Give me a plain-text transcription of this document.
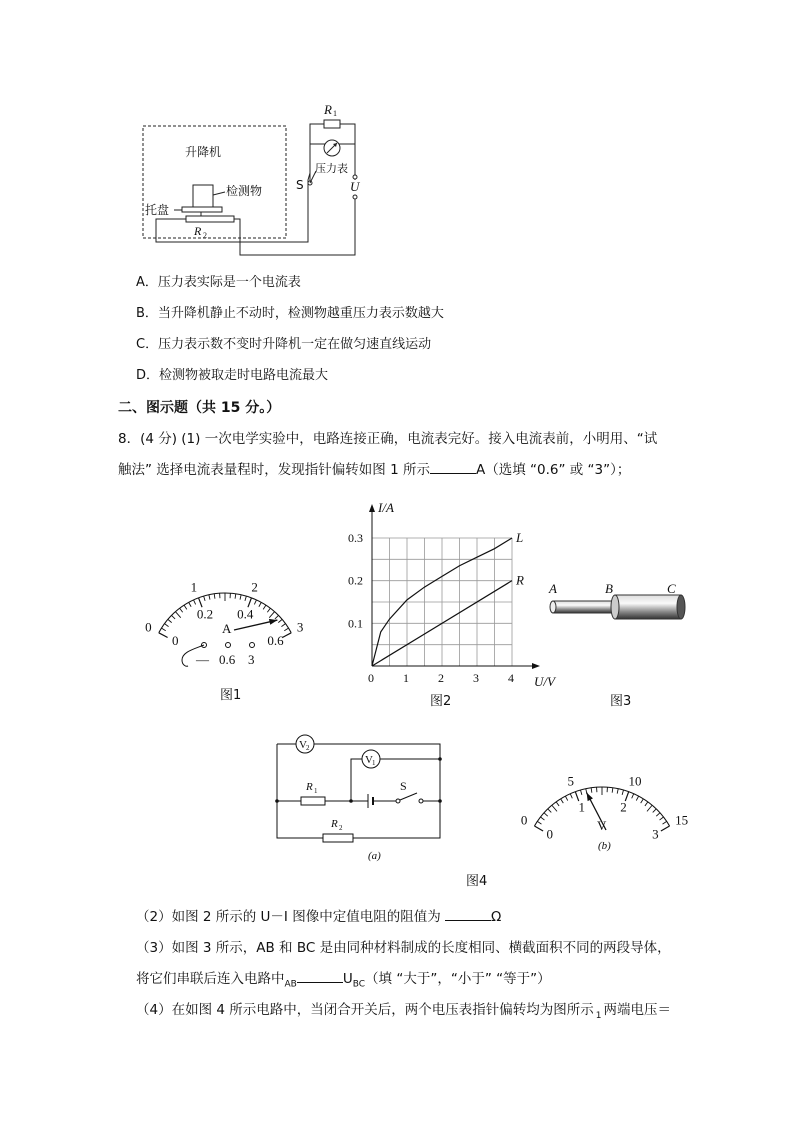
升降机
检测物
托盘
R 2
S	U
R 1
压力表
A．压力表实际是一个电流表
B．当升降机静止不动时，检测物越重压力表示数越大
C．压力表示数不变时升降机一定在做匀速直线运动
D．检测物被取走时电路电流最大
二、图示题（共 15 分。）
8．(4 分) (1) 一次电学实验中，电路连接正确，电流表完好。接入电流表前，小明用、“试
触法” 选择电流表量程时，发现指针偏转如图 1 所示	A（选填 “0.6” 或 “3”）；
0
1	2
3
0
0.2 0.4
0.6
A
— 0.6 3
图1
0 1 2 3 4
0.1
0.2
0.3
I/A
U/V
L
R
图2
A	B	C
图3
V 2
V 1
R 1	S
R 2
(a)
0
5	10
15
0
1	2
3
V
(b)
图4
（2）如图 2 所示的 U－I 图像中定值电阻的阻值为	Ω
（3）如图 3 所示，AB 和 BC 是由同种材料制成的长度相同、横截面积不同的两段导体，
将它们串联后连入电路中$_{AB}$	$U_{BC}$（填 “大于”，“小于” “等于”）
（4）在如图 4 所示电路中，当闭合开关后，两个电压表指针偏转均为图所示 $_1$ 两端电压＝
